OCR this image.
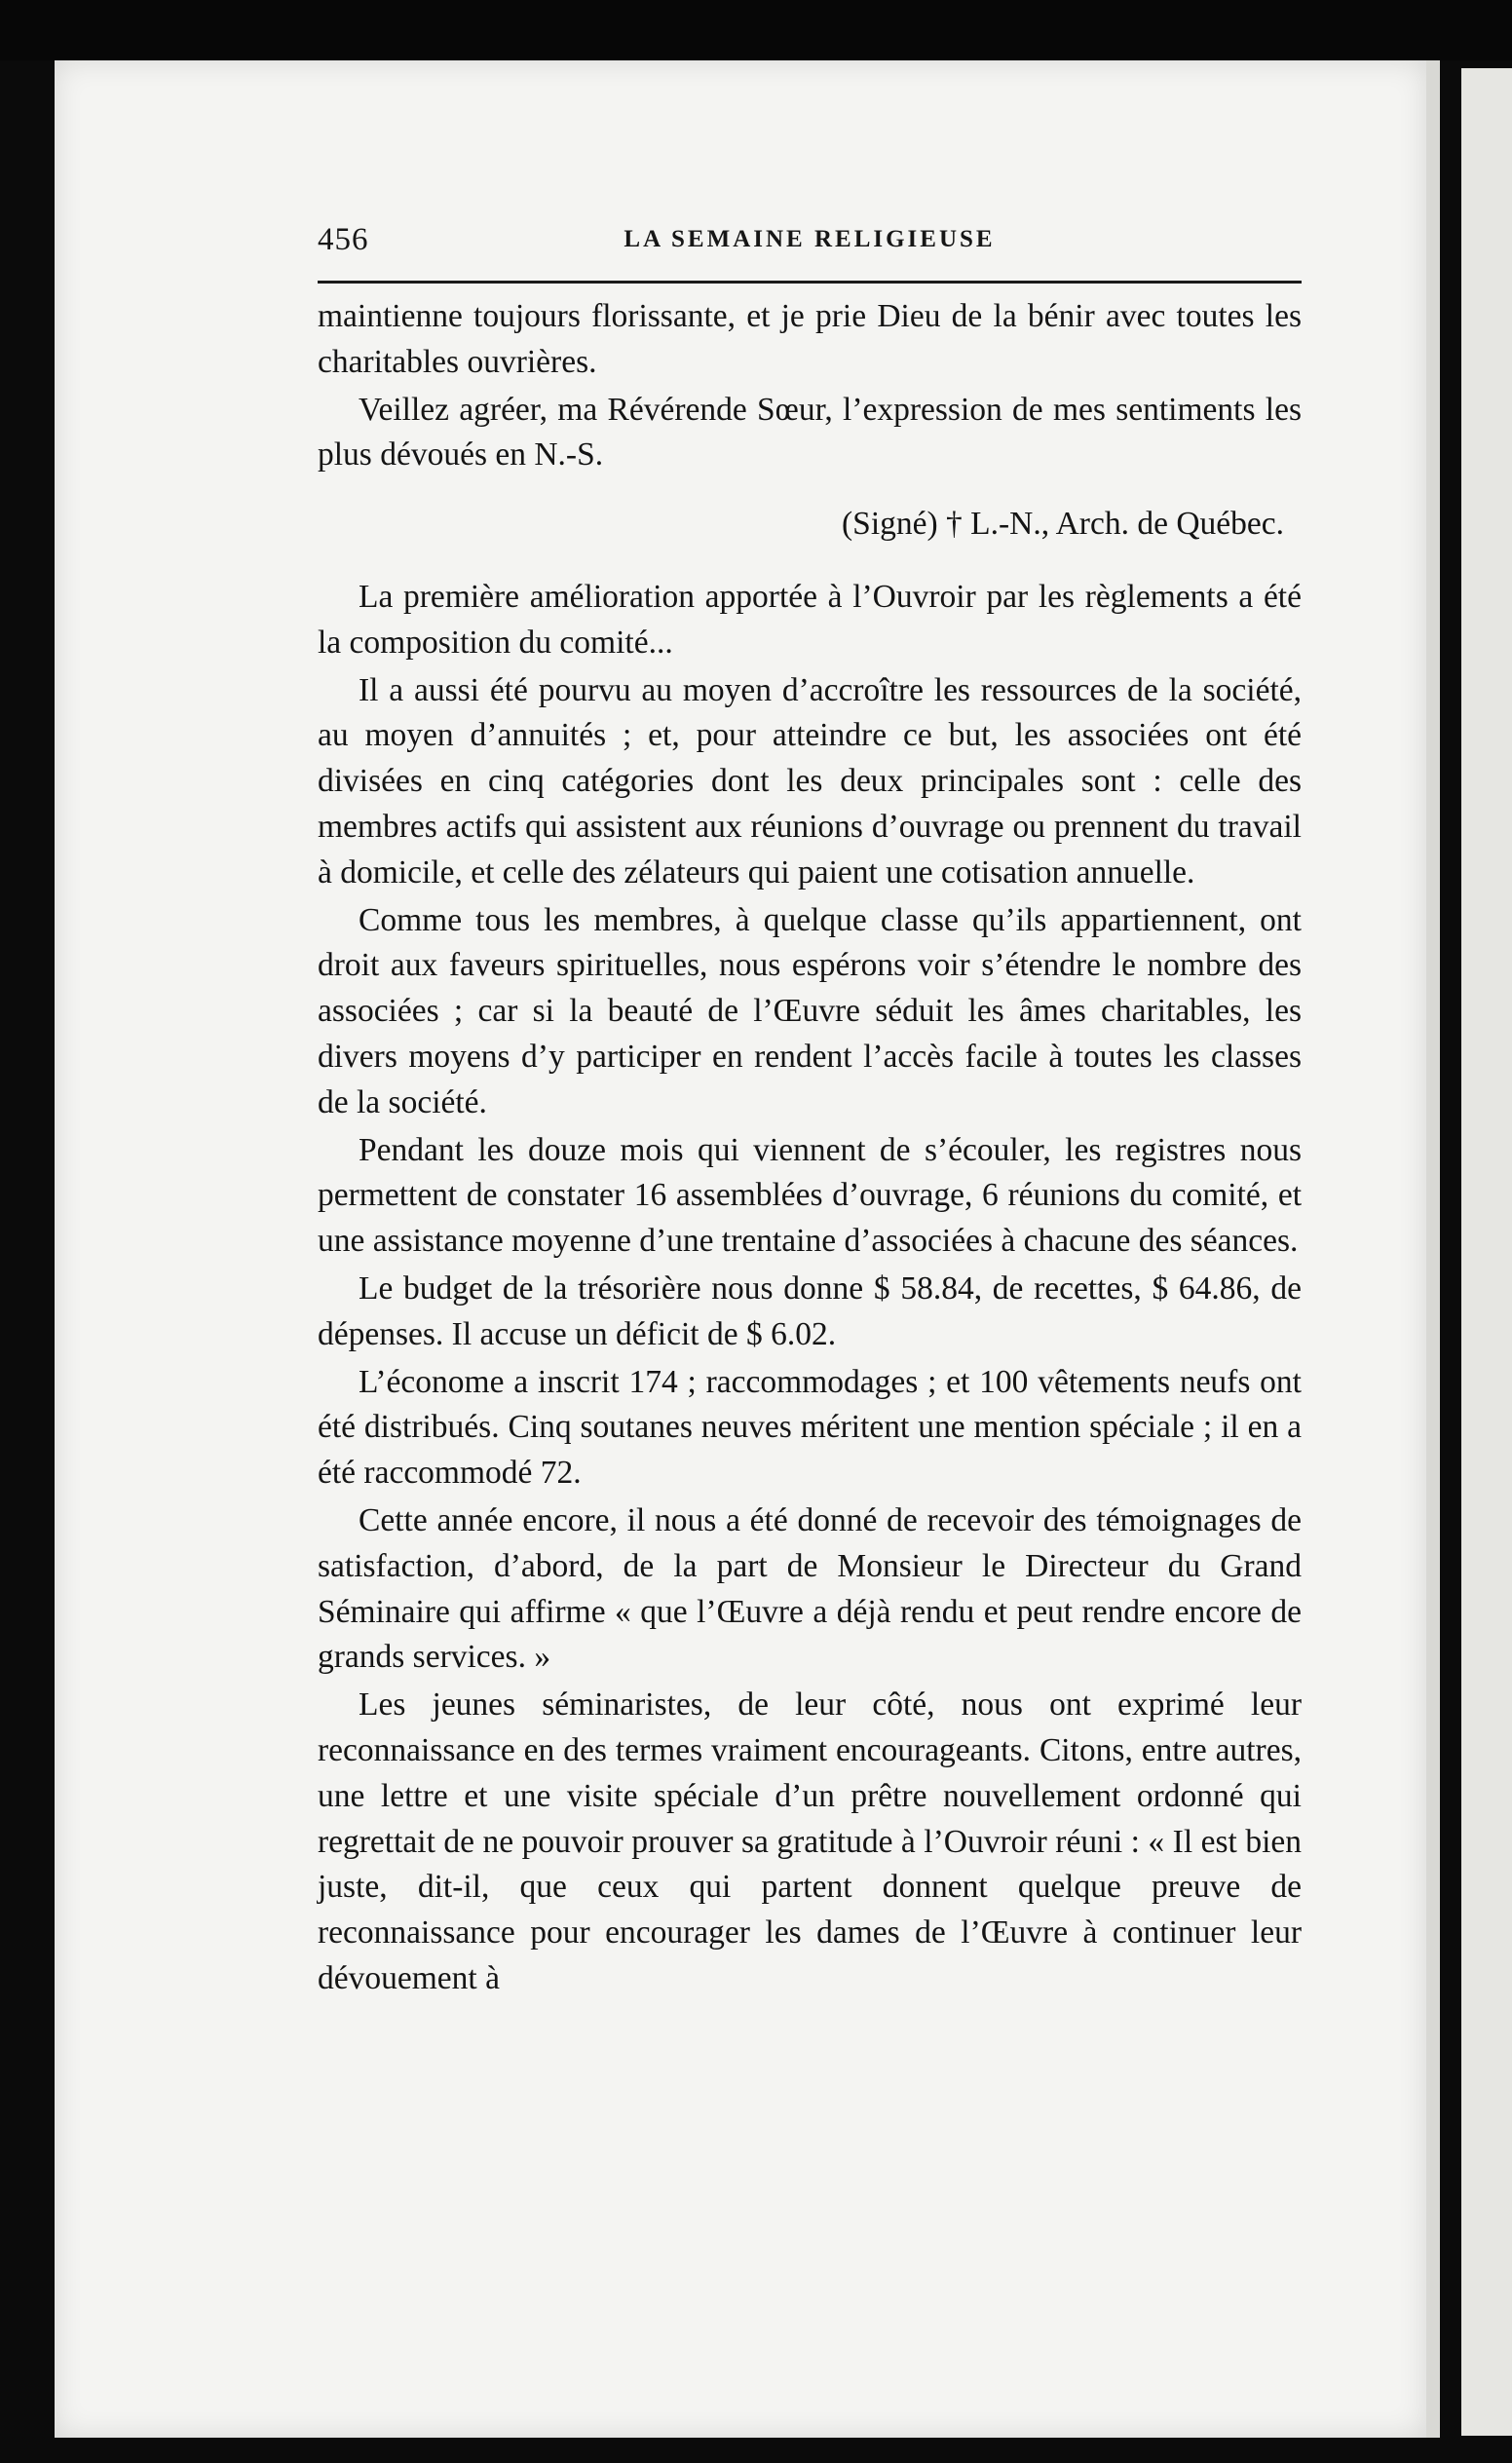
456	LA SEMAINE RELIGIEUSE

maintienne toujours florissante, et je prie Dieu de la bénir avec toutes les charitables ouvrières.

Veillez agréer, ma Révérende Sœur, l’expression de mes sentiments les plus dévoués en N.-S.

(Signé) † L.-N., Arch. de Québec.

La première amélioration apportée à l’Ouvroir par les règlements a été la composition du comité...

Il a aussi été pourvu au moyen d’accroître les ressources de la société, au moyen d’annuités ; et, pour atteindre ce but, les associées ont été divisées en cinq catégories dont les deux principales sont : celle des membres actifs qui assistent aux réunions d’ouvrage ou prennent du travail à domicile, et celle des zélateurs qui paient une cotisation annuelle.

Comme tous les membres, à quelque classe qu’ils appartiennent, ont droit aux faveurs spirituelles, nous espérons voir s’étendre le nombre des associées ; car si la beauté de l’Œuvre séduit les âmes charitables, les divers moyens d’y participer en rendent l’accès facile à toutes les classes de la société.

Pendant les douze mois qui viennent de s’écouler, les registres nous permettent de constater 16 assemblées d’ouvrage, 6 réunions du comité, et une assistance moyenne d’une trentaine d’associées à chacune des séances.

Le budget de la trésorière nous donne $ 58.84, de recettes, $ 64.86, de dépenses. Il accuse un déficit de $ 6.02.

L’économe a inscrit 174 ; raccommodages ; et 100 vêtements neufs ont été distribués. Cinq soutanes neuves méritent une mention spéciale ; il en a été raccommodé 72.

Cette année encore, il nous a été donné de recevoir des témoignages de satisfaction, d’abord, de la part de Monsieur le Directeur du Grand Séminaire qui affirme « que l’Œuvre a déjà rendu et peut rendre encore de grands services. »

Les jeunes séminaristes, de leur côté, nous ont exprimé leur reconnaissance en des termes vraiment encourageants. Citons, entre autres, une lettre et une visite spéciale d’un prêtre nouvellement ordonné qui regrettait de ne pouvoir prouver sa gratitude à l’Ouvroir réuni : « Il est bien juste, dit-il, que ceux qui partent donnent quelque preuve de reconnaissance pour encourager les dames de l’Œuvre à continuer leur dévouement à
